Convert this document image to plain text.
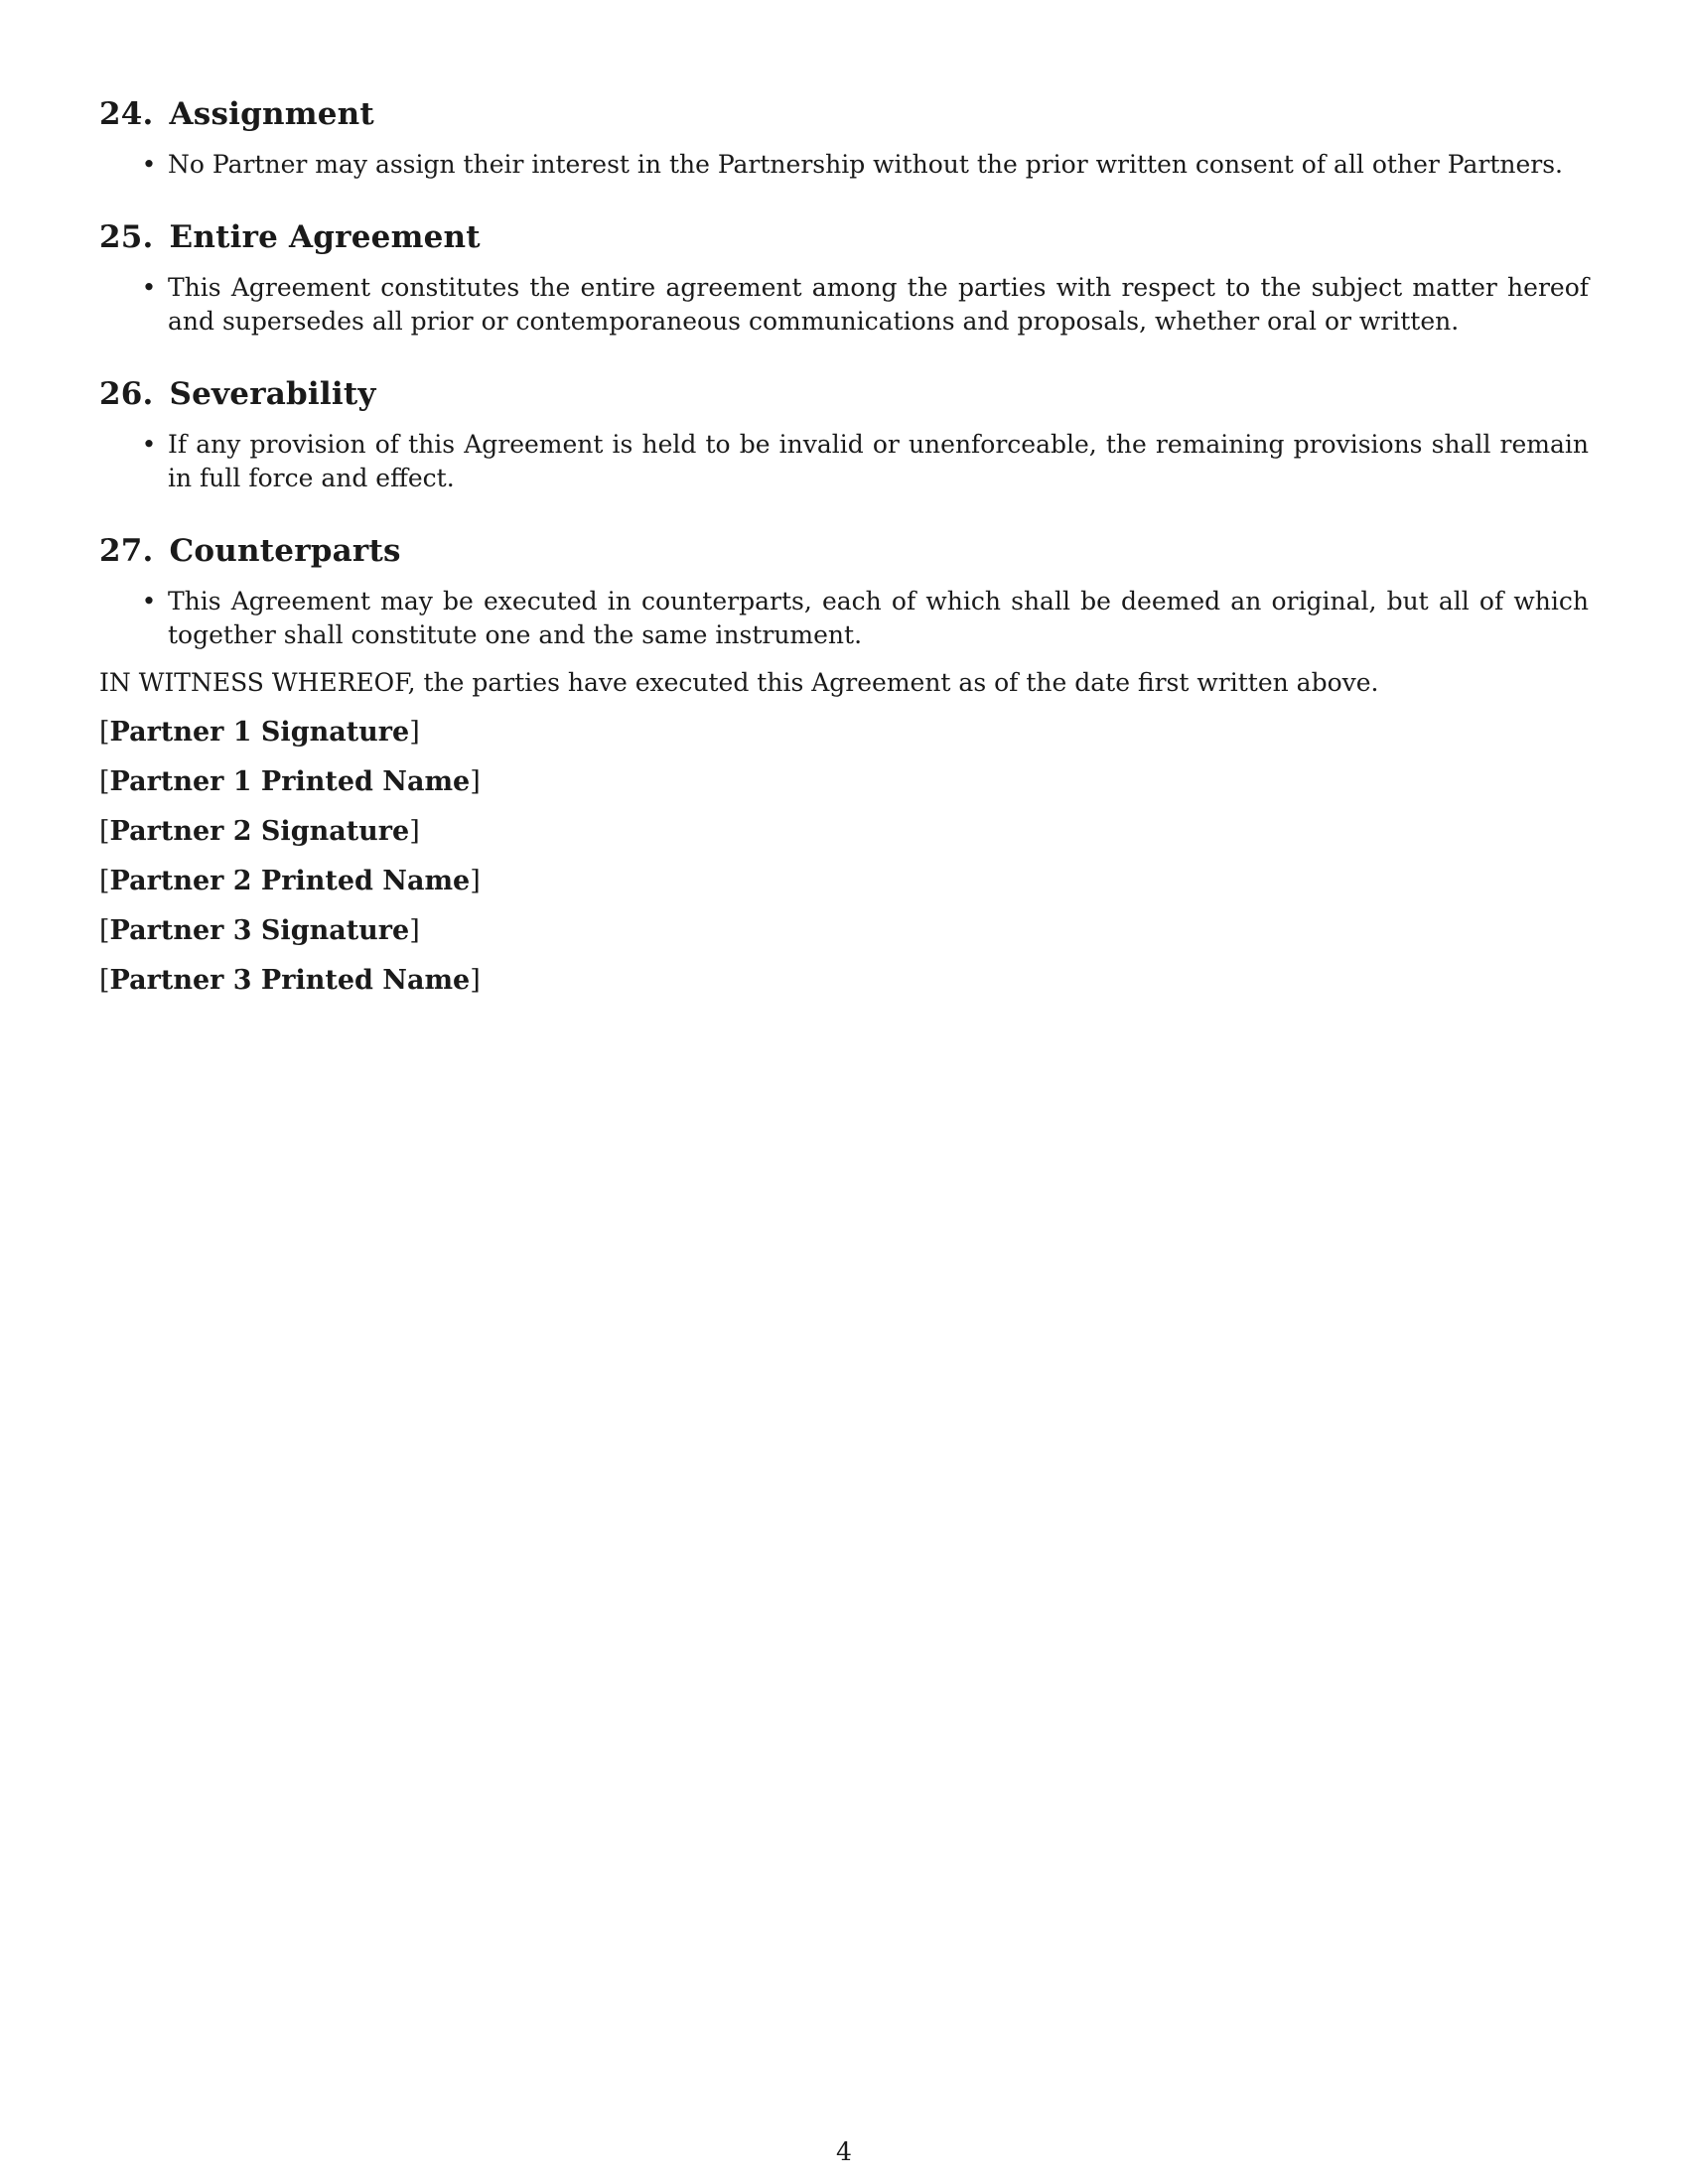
24. Assignment
• No Partner may assign their interest in the Partnership without the prior written consent of all other Partners.
25. Entire Agreement
• This Agreement constitutes the entire agreement among the parties with respect to the subject matter hereof and supersedes all prior or contemporaneous communications and proposals, whether oral or written.
26. Severability
• If any provision of this Agreement is held to be invalid or unenforceable, the remaining provisions shall remain in full force and effect.
27. Counterparts
• This Agreement may be executed in counterparts, each of which shall be deemed an original, but all of which together shall constitute one and the same instrument.

IN WITNESS WHEREOF, the parties have executed this Agreement as of the date first written above.

[Partner 1 Signature]

[Partner 1 Printed Name]

[Partner 2 Signature]

[Partner 2 Printed Name]

[Partner 3 Signature]

[Partner 3 Printed Name]

4
